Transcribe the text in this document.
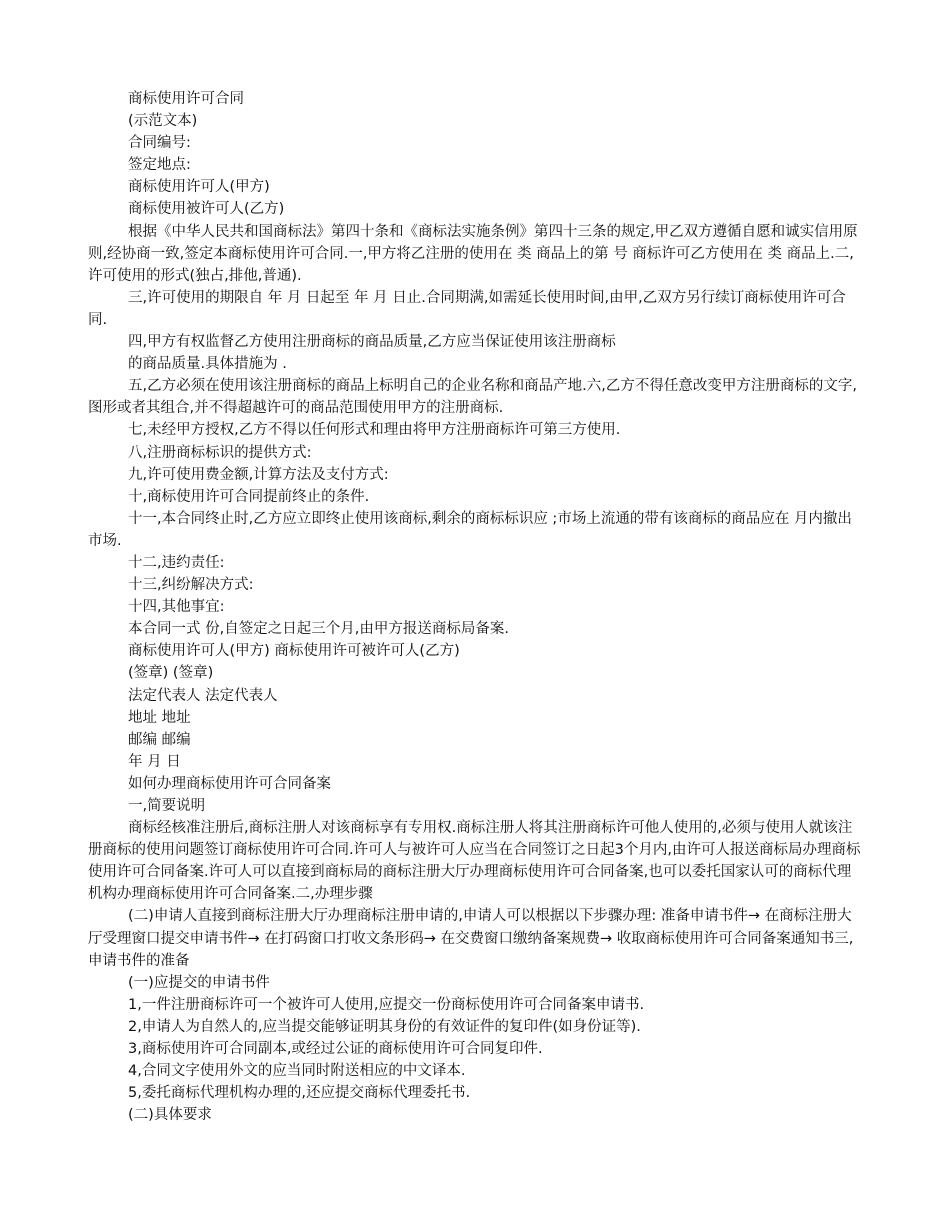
商标使用许可合同

(示范文本)

合同编号:

签定地点:

商标使用许可人(甲方)

商标使用被许可人(乙方)

根据《中华人民共和国商标法》第四十条和《商标法实施条例》第四十三条的规定,甲乙双方遵循自愿和诚实信用原则,经协商一致,签定本商标使用许可合同.一,甲方将乙注册的使用在 类 商品上的第 号 商标许可乙方使用在 类 商品上.二,许可使用的形式(独占,排他,普通).

三,许可使用的期限自 年 月 日起至 年 月 日止.合同期满,如需延长使用时间,由甲,乙双方另行续订商标使用许可合同.

四,甲方有权监督乙方使用注册商标的商品质量,乙方应当保证使用该注册商标

的商品质量.具体措施为 .

五,乙方必须在使用该注册商标的商品上标明自己的企业名称和商品产地.六,乙方不得任意改变甲方注册商标的文字,图形或者其组合,并不得超越许可的商品范围使用甲方的注册商标.

七,未经甲方授权,乙方不得以任何形式和理由将甲方注册商标许可第三方使用.

八,注册商标标识的提供方式:

九,许可使用费金额,计算方法及支付方式:

十,商标使用许可合同提前终止的条件.

十一,本合同终止时,乙方应立即终止使用该商标,剩余的商标标识应 ;市场上流通的带有该商标的商品应在 月内撤出市场.

十二,违约责任:

十三,纠纷解决方式:

十四,其他事宜:

本合同一式 份,自签定之日起三个月,由甲方报送商标局备案.

商标使用许可人(甲方) 商标使用许可被许可人(乙方)

(签章) (签章)

法定代表人 法定代表人

地址 地址

邮编 邮编

年 月 日

如何办理商标使用许可合同备案

一,简要说明

商标经核准注册后,商标注册人对该商标享有专用权.商标注册人将其注册商标许可他人使用的,必须与使用人就该注册商标的使用问题签订商标使用许可合同.许可人与被许可人应当在合同签订之日起3个月内,由许可人报送商标局办理商标使用许可合同备案.许可人可以直接到商标局的商标注册大厅办理商标使用许可合同备案,也可以委托国家认可的商标代理机构办理商标使用许可合同备案.二,办理步骤

(二)申请人直接到商标注册大厅办理商标注册申请的,申请人可以根据以下步骤办理: 准备申请书件→ 在商标注册大厅受理窗口提交申请书件→ 在打码窗口打收文条形码→ 在交费窗口缴纳备案规费→ 收取商标使用许可合同备案通知书三,申请书件的准备

(一)应提交的申请书件

1,一件注册商标许可一个被许可人使用,应提交一份商标使用许可合同备案申请书.

2,申请人为自然人的,应当提交能够证明其身份的有效证件的复印件(如身份证等).

3,商标使用许可合同副本,或经过公证的商标使用许可合同复印件.

4,合同文字使用外文的应当同时附送相应的中文译本.

5,委托商标代理机构办理的,还应提交商标代理委托书.

(二)具体要求
